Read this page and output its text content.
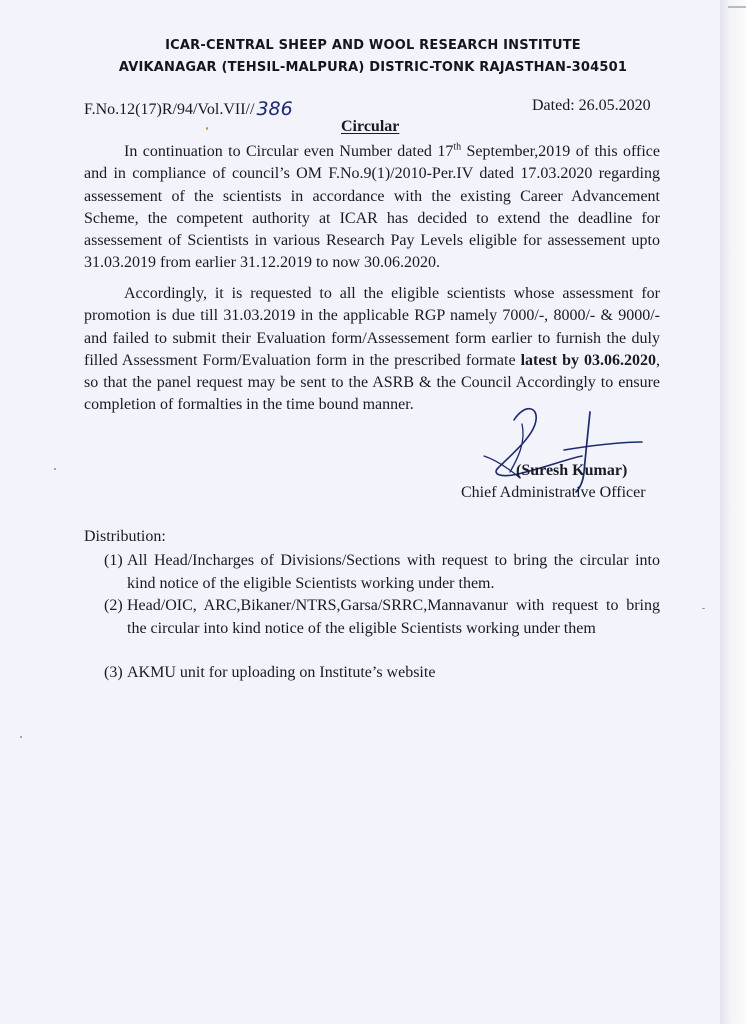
ICAR-CENTRAL SHEEP AND WOOL RESEARCH INSTITUTE
AVIKANAGAR (TEHSIL-MALPURA) DISTRIC-TONK RAJASTHAN-304501
F.No.12(17)R/94/Vol.VII// 386	Dated: 26.05.2020
Circular

   In continuation to Circular even Number dated 17th September,2019 of this office and in compliance of council’s OM F.No.9(1)/2010-Per.IV dated 17.03.2020 regarding assessement of the scientists in accordance with the existing Career Advancement Scheme, the competent authority at ICAR has decided to extend the deadline for assessement of Scientists in various Research Pay Levels eligible for assessement upto 31.03.2019 from earlier 31.12.2019 to now 30.06.2020.

   Accordingly, it is requested to all the eligible scientists whose assessment for promotion is due till 31.03.2019 in the applicable RGP namely 7000/-, 8000/- & 9000/- and failed to submit their Evaluation form/Assessement form earlier to furnish the duly filled Assessment Form/Evaluation form in the prescribed formate latest by 03.06.2020, so that the panel request may be sent to the ASRB & the Council Accordingly to ensure completion of formalties in the time bound manner.

(Suresh Kumar)
Chief Administrative Officer
Distribution:
(1) All Head/Incharges of Divisions/Sections with request to bring the circular into kind notice of the eligible Scientists working under them.
(2) Head/OIC, ARC,Bikaner/NTRS,Garsa/SRRC,Mannavanur with request to bring the circular into kind notice of the eligible Scientists working under them
(3) AKMU unit for uploading on Institute’s website
